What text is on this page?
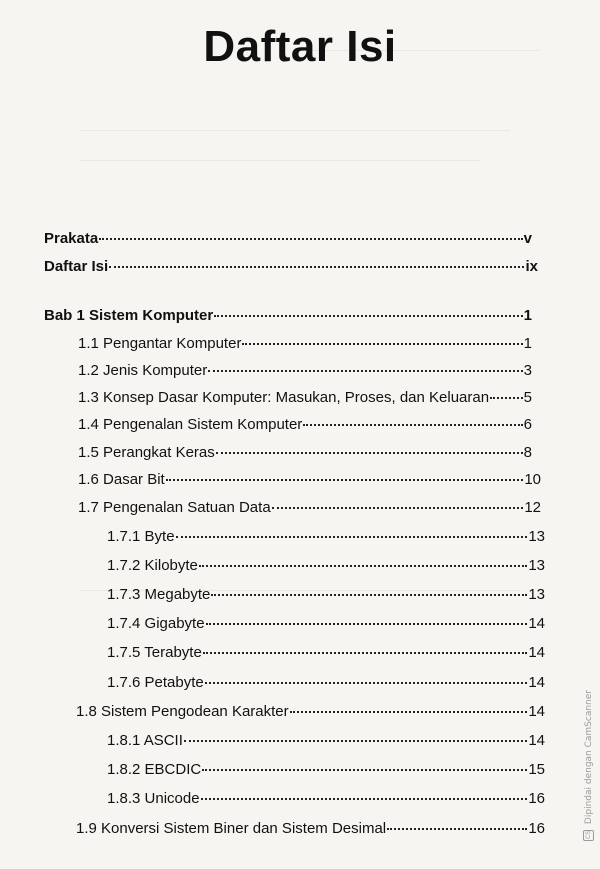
Daftar Isi
Prakata	v
Daftar Isi	ix
Bab 1 Sistem Komputer	1
1.1 Pengantar Komputer	1
1.2 Jenis Komputer	3
1.3 Konsep Dasar Komputer: Masukan, Proses, dan Keluaran 5
1.4 Pengenalan Sistem Komputer	6
1.5 Perangkat Keras	8
1.6 Dasar Bit	10
1.7 Pengenalan Satuan Data	12
1.7.1 Byte	13
1.7.2 Kilobyte	13
1.7.3 Megabyte	13
1.7.4 Gigabyte	14
1.7.5 Terabyte	14
1.7.6 Petabyte	14
1.8 Sistem Pengodean Karakter	14
1.8.1 ASCII	14
1.8.2 EBCDIC	15
1.8.3 Unicode	16
1.9 Konversi Sistem Biner dan Sistem Desimal	16	CS Dipindai dengan CamScanner
